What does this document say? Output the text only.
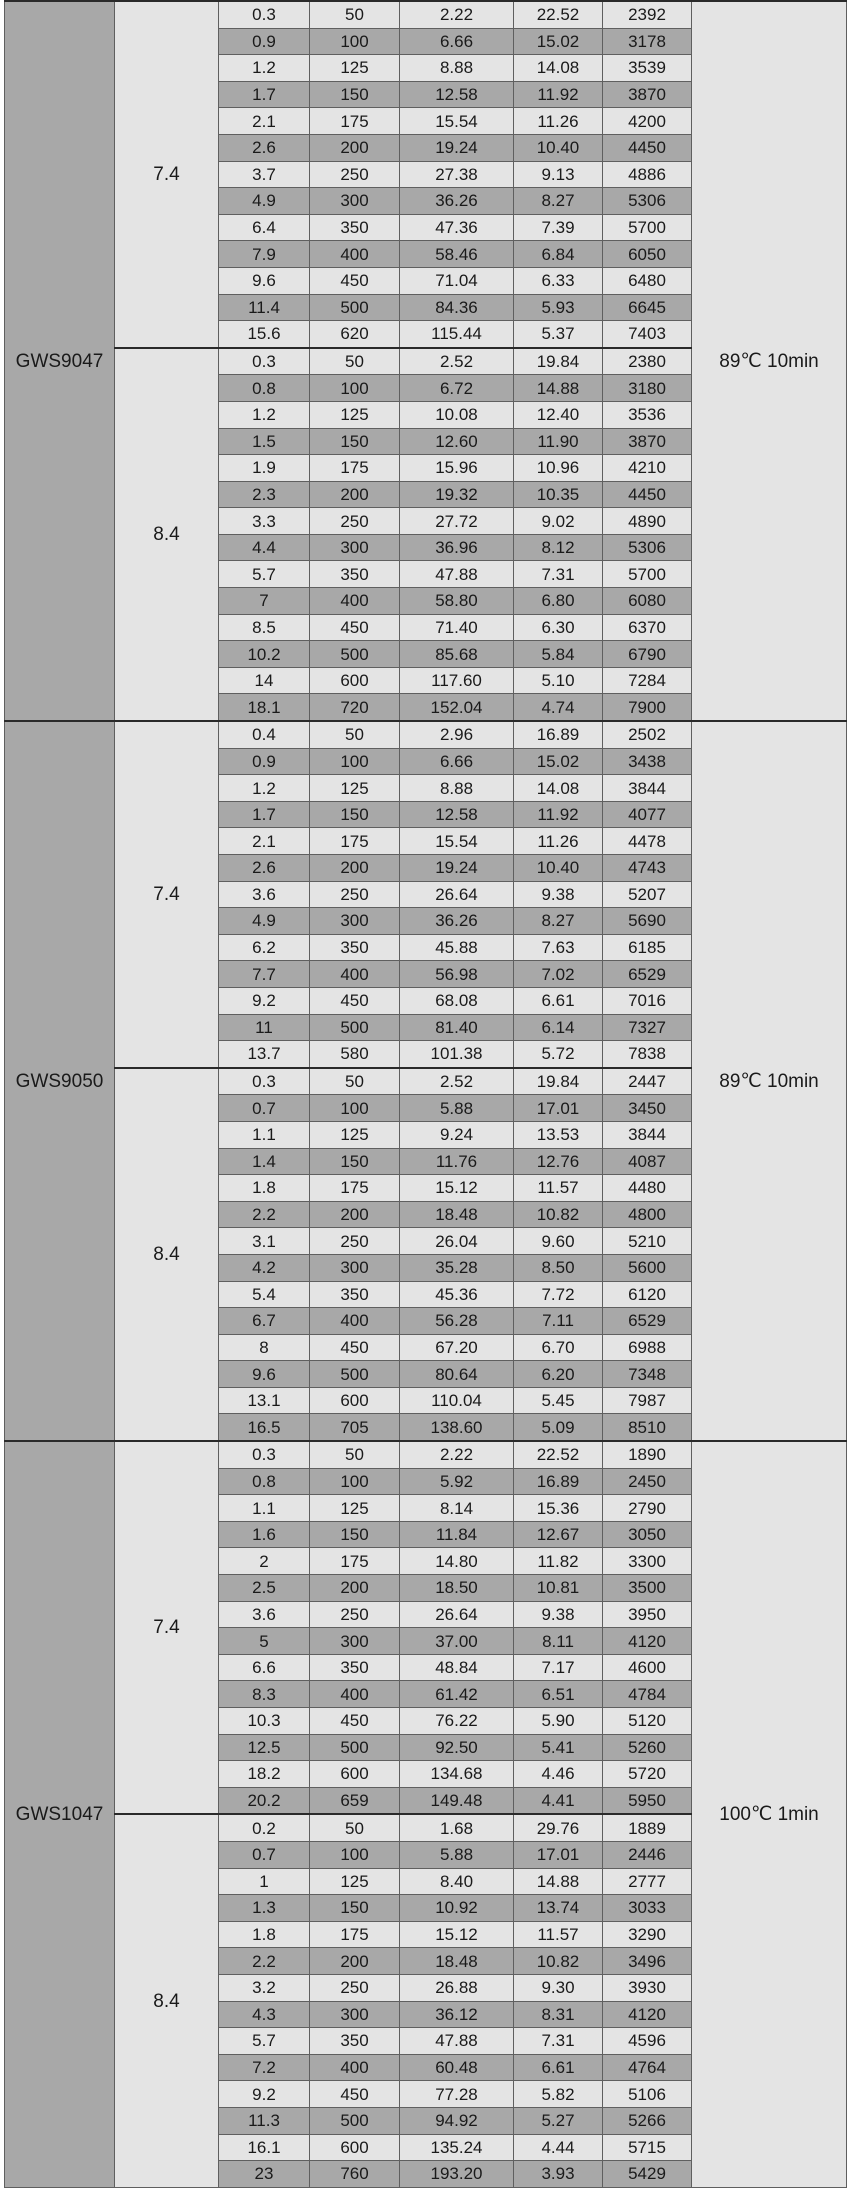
GWS9047	7.4	0.3	50	2.22	22.52	2392	89℃ 10min
		0.9	100	6.66	15.02	3178	
		1.2	125	8.88	14.08	3539	
		1.7	150	12.58	11.92	3870	
		2.1	175	15.54	11.26	4200	
		2.6	200	19.24	10.40	4450	
		3.7	250	27.38	9.13	4886	
		4.9	300	36.26	8.27	5306	
		6.4	350	47.36	7.39	5700	
		7.9	400	58.46	6.84	6050	
		9.6	450	71.04	6.33	6480	
		11.4	500	84.36	5.93	6645	
		15.6	620	115.44	5.37	7403	
	8.4	0.3	50	2.52	19.84	2380	
		0.8	100	6.72	14.88	3180	
		1.2	125	10.08	12.40	3536	
		1.5	150	12.60	11.90	3870	
		1.9	175	15.96	10.96	4210	
		2.3	200	19.32	10.35	4450	
		3.3	250	27.72	9.02	4890	
		4.4	300	36.96	8.12	5306	
		5.7	350	47.88	7.31	5700	
		7	400	58.80	6.80	6080	
		8.5	450	71.40	6.30	6370	
		10.2	500	85.68	5.84	6790	
		14	600	117.60	5.10	7284	
		18.1	720	152.04	4.74	7900	
GWS9050	7.4	0.4	50	2.96	16.89	2502	89℃ 10min
		0.9	100	6.66	15.02	3438	
		1.2	125	8.88	14.08	3844	
		1.7	150	12.58	11.92	4077	
		2.1	175	15.54	11.26	4478	
		2.6	200	19.24	10.40	4743	
		3.6	250	26.64	9.38	5207	
		4.9	300	36.26	8.27	5690	
		6.2	350	45.88	7.63	6185	
		7.7	400	56.98	7.02	6529	
		9.2	450	68.08	6.61	7016	
		11	500	81.40	6.14	7327	
		13.7	580	101.38	5.72	7838	
	8.4	0.3	50	2.52	19.84	2447	
		0.7	100	5.88	17.01	3450	
		1.1	125	9.24	13.53	3844	
		1.4	150	11.76	12.76	4087	
		1.8	175	15.12	11.57	4480	
		2.2	200	18.48	10.82	4800	
		3.1	250	26.04	9.60	5210	
		4.2	300	35.28	8.50	5600	
		5.4	350	45.36	7.72	6120	
		6.7	400	56.28	7.11	6529	
		8	450	67.20	6.70	6988	
		9.6	500	80.64	6.20	7348	
		13.1	600	110.04	5.45	7987	
		16.5	705	138.60	5.09	8510	
GWS1047	7.4	0.3	50	2.22	22.52	1890	100℃ 1min
		0.8	100	5.92	16.89	2450	
		1.1	125	8.14	15.36	2790	
		1.6	150	11.84	12.67	3050	
		2	175	14.80	11.82	3300	
		2.5	200	18.50	10.81	3500	
		3.6	250	26.64	9.38	3950	
		5	300	37.00	8.11	4120	
		6.6	350	48.84	7.17	4600	
		8.3	400	61.42	6.51	4784	
		10.3	450	76.22	5.90	5120	
		12.5	500	92.50	5.41	5260	
		18.2	600	134.68	4.46	5720	
		20.2	659	149.48	4.41	5950	
	8.4	0.2	50	1.68	29.76	1889	
		0.7	100	5.88	17.01	2446	
		1	125	8.40	14.88	2777	
		1.3	150	10.92	13.74	3033	
		1.8	175	15.12	11.57	3290	
		2.2	200	18.48	10.82	3496	
		3.2	250	26.88	9.30	3930	
		4.3	300	36.12	8.31	4120	
		5.7	350	47.88	7.31	4596	
		7.2	400	60.48	6.61	4764	
		9.2	450	77.28	5.82	5106	
		11.3	500	94.92	5.27	5266	
		16.1	600	135.24	4.44	5715	
		23	760	193.20	3.93	5429	
